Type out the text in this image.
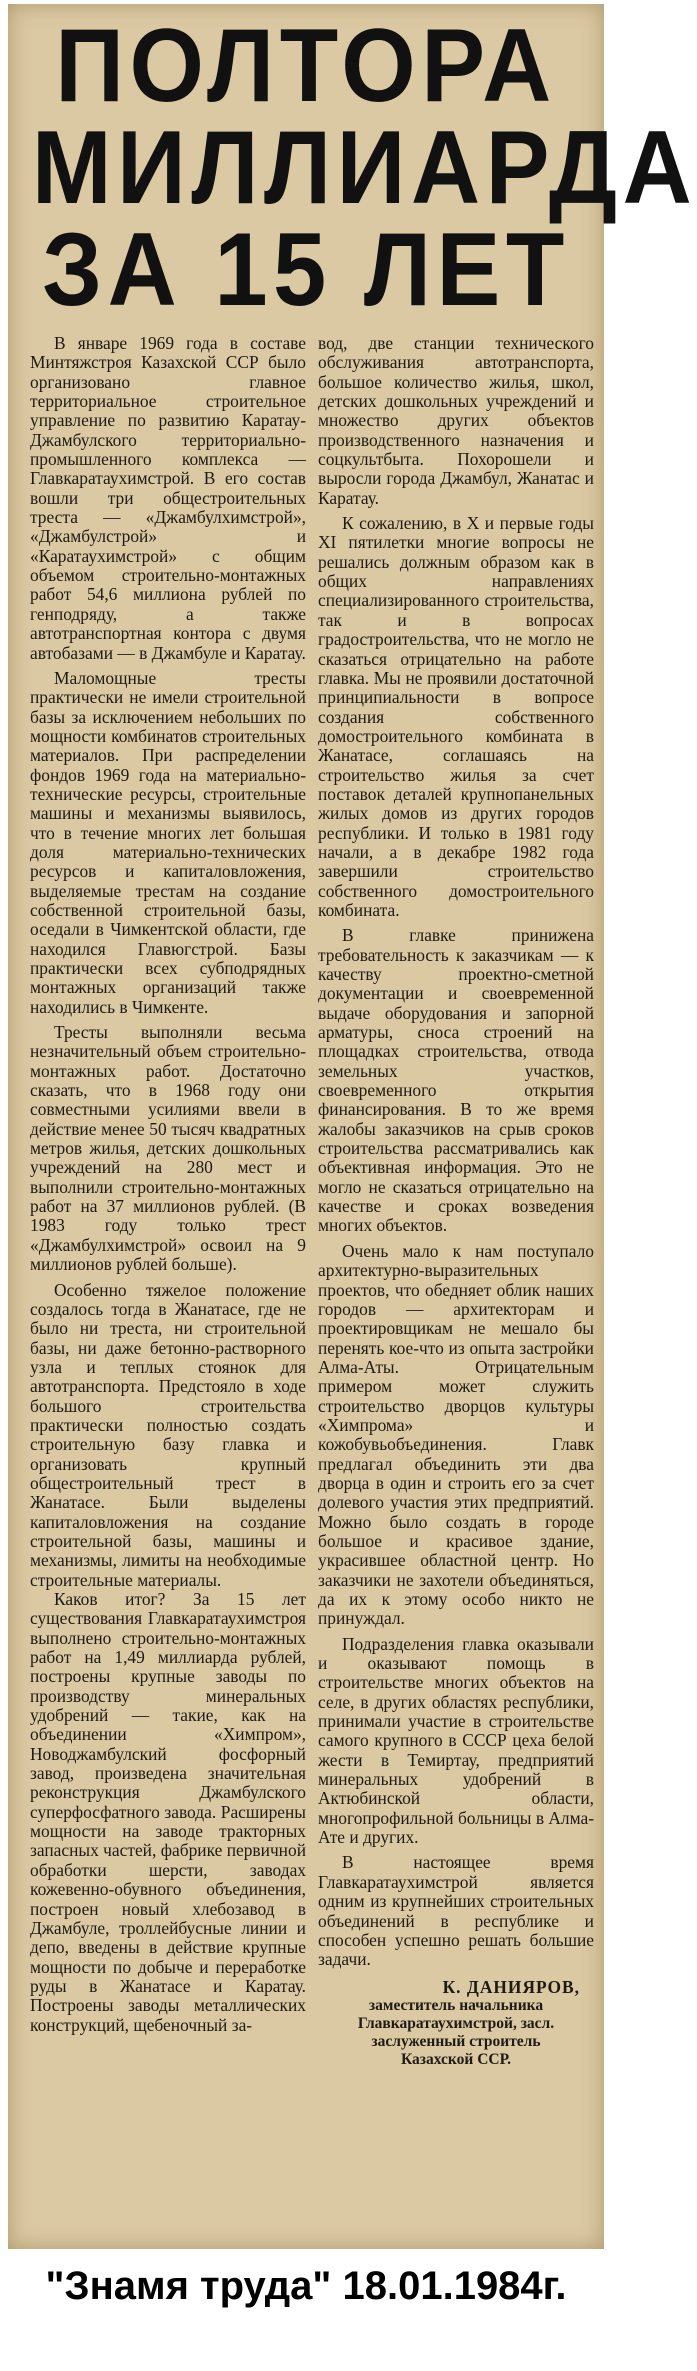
ПОЛТОРА
МИЛЛИАРДА
ЗА 15 ЛЕТ

В январе 1969 года в составе Минтяжстроя Казахской ССР было организовано главное территориальное строительное управление по развитию Каратау-Джамбулского территориально-промышленного комплекса — Главкаратаухимстрой. В его состав вошли три общестроительных треста — «Джамбулхимстрой», «Джамбулстрой» и «Каратаухимстрой» с общим объемом строительно-монтажных работ 54,6 миллиона рублей по генподряду, а также автотранспортная контора с двумя автобазами — в Джамбуле и Каратау.

Маломощные тресты практически не имели строительной базы за исключением небольших по мощности комбинатов строительных материалов. При распределении фондов 1969 года на материально-технические ресурсы, строительные машины и механизмы выявилось, что в течение многих лет большая доля материально-технических ресурсов и капиталовложения, выделяемые трестам на создание собственной строительной базы, оседали в Чимкентской области, где находился Главюгстрой. Базы практически всех субподрядных монтажных организаций также находились в Чимкенте.

Тресты выполняли весьма незначительный объем строительно-монтажных работ. Достаточно сказать, что в 1968 году они совместными усилиями ввели в действие менее 50 тысяч квадратных метров жилья, детских дошкольных учреждений на 280 мест и выполнили строительно-монтажных работ на 37 миллионов рублей. (В 1983 году только трест «Джамбулхимстрой» освоил на 9 миллионов рублей больше).

Особенно тяжелое положение создалось тогда в Жанатасе, где не было ни треста, ни строительной базы, ни даже бетонно-растворного узла и теплых стоянок для автотранспорта. Предстояло в ходе большого строительства практически полностью создать строительную базу главка и организовать крупный общестроительный трест в Жанатасе. Были выделены капиталовложения на создание строительной базы, машины и механизмы, лимиты на необходимые строительные материалы.

Каков итог? За 15 лет существования Главкаратаухимстроя выполнено строительно-монтажных работ на 1,49 миллиарда рублей, построены крупные заводы по производству минеральных удобрений — такие, как на объединении «Химпром», Новоджамбулский фосфорный завод, произведена значительная реконструкция Джамбулского суперфосфатного завода. Расширены мощности на заводе тракторных запасных частей, фабрике первичной обработки шерсти, заводах кожевенно-обувного объединения, построен новый хлебозавод в Джамбуле, троллейбусные линии и депо, введены в действие крупные мощности по добыче и переработке руды в Жанатасе и Каратау. Построены заводы металлических конструкций, щебеночный за-

вод, две станции технического обслуживания автотранспорта, большое количество жилья, школ, детских дошкольных учреждений и множество других объектов производственного назначения и соцкультбыта. Похорошели и выросли города Джамбул, Жанатас и Каратау.

К сожалению, в Х и первые годы XI пятилетки многие вопросы не решались должным образом как в общих направлениях специализированного строительства, так и в вопросах градостроительства, что не могло не сказаться отрицательно на работе главка. Мы не проявили достаточной принципиальности в вопросе создания собственного домостроительного комбината в Жанатасе, соглашаясь на строительство жилья за счет поставок деталей крупнопанельных жилых домов из других городов республики. И только в 1981 году начали, а в декабре 1982 года завершили строительство собственного домостроительного комбината.

В главке принижена требовательность к заказчикам — к качеству проектно-сметной документации и своевременной выдаче оборудования и запорной арматуры, сноса строений на площадках строительства, отвода земельных участков, своевременного открытия финансирования. В то же время жалобы заказчиков на срыв сроков строительства рассматривались как объективная информация. Это не могло не сказаться отрицательно на качестве и сроках возведения многих объектов.

Очень мало к нам поступало архитектурно-выразительных проектов, что обедняет облик наших городов — архитекторам и проектировщикам не мешало бы перенять кое-что из опыта застройки Алма-Аты. Отрицательным примером может служить строительство дворцов культуры «Химпрома» и кожобувьобъединения. Главк предлагал объединить эти два дворца в один и строить его за счет долевого участия этих предприятий. Можно было создать в городе большое и красивое здание, украсившее областной центр. Но заказчики не захотели объединяться, да их к этому особо никто не принуждал.

Подразделения главка оказывали и оказывают помощь в строительстве многих объектов на селе, в других областях республики, принимали участие в строительстве самого крупного в СССР цеха белой жести в Темиртау, предприятий минеральных удобрений в Актюбинской области, многопрофильной больницы в Алма-Ате и других.

В настоящее время Главкаратаухимстрой является одним из крупнейших строительных объединений в республике и способен успешно решать большие задачи.

К. ДАНИЯРОВ,
заместитель начальника
Главкаратаухимстрой, засл.
заслуженный строитель
Казахской ССР.
"Знамя труда" 18.01.1984г.
